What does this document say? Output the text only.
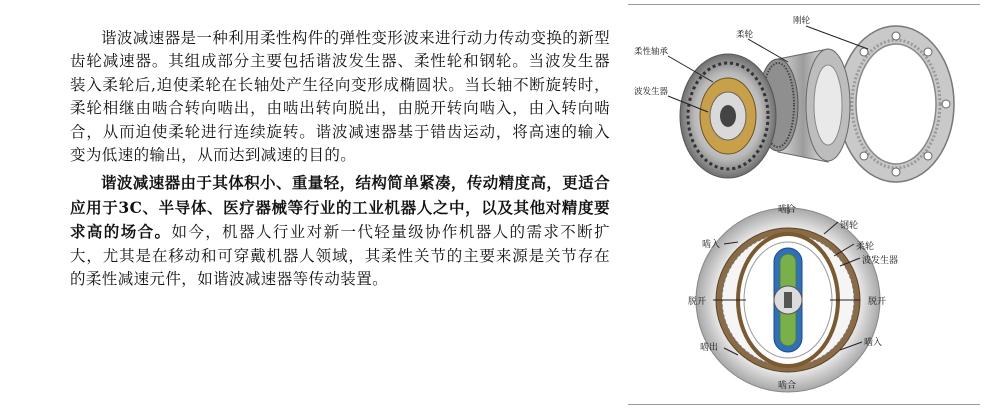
谐波减速器是一种利用柔性构件的弹性变形波来进行动力传动变换的新型齿轮减速器。其组成部分主要包括谐波发生器、柔性轮和钢轮。当波发生器装入柔轮后,迫使柔轮在长轴处产生径向变形成椭圆状。当长轴不断旋转时，柔轮相继由啮合转向啮出，由啮出转向脱出，由脱开转向啮入，由入转向啮合，从而迫使柔轮进行连续旋转。谐波减速器基于错齿运动，将高速的输入变为低速的输出，从而达到减速的目的。

谐波减速器由于其体积小、重量轻，结构简单紧凑，传动精度高，更适合应用于3C、半导体、医疗器械等行业的工业机器人之中，以及其他对精度要求高的场合。如今，机器人行业对新一代轻量级协作机器人的需求不断扩大，尤其是在移动和可穿戴机器人领域，其柔性关节的主要来源是关节存在的柔性减速元件，如谐波减速器等传动装置。

柔性轴承
波发生器
柔轮
刚轮
啮合
钢轮
柔轮
波发生器
啮入
脱开	脱开
啮出	啮入
啮合
